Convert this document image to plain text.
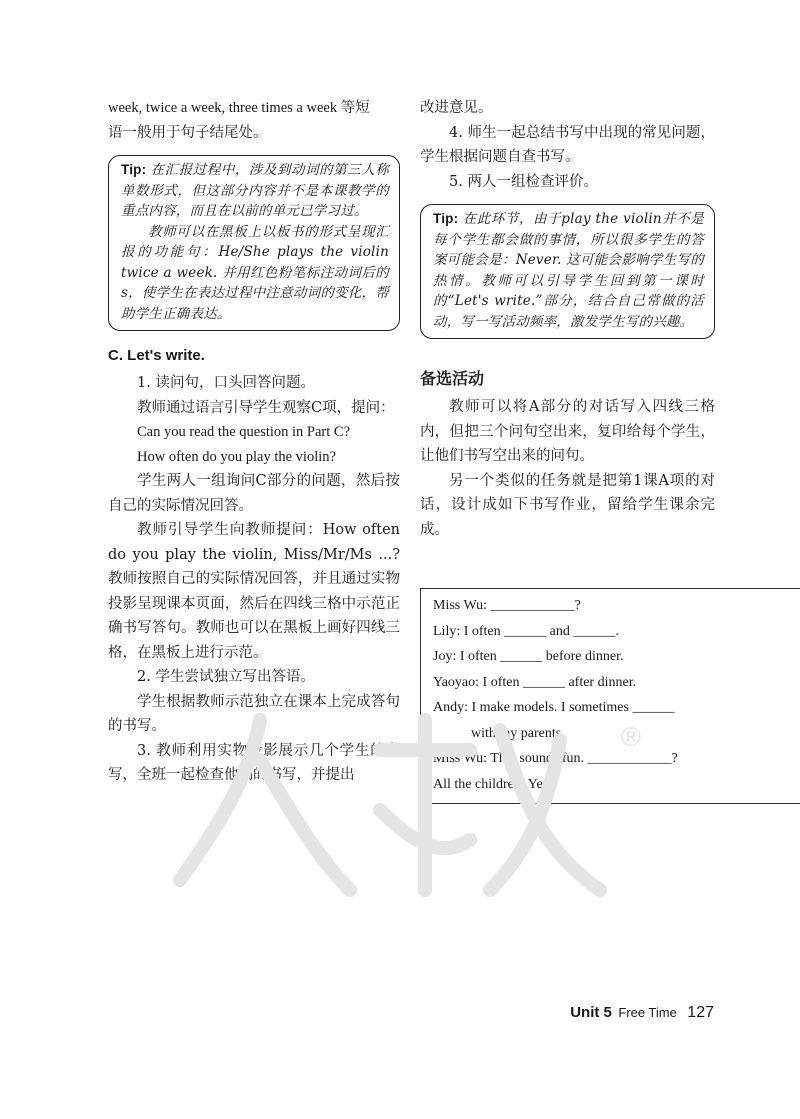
week, twice a week, three times a week 等短

语一般用于句子结尾处。

Tip: 在汇报过程中，涉及到动词的第三人称单数形式，但这部分内容并不是本课教学的重点内容，而且在以前的单元已学习过。

教师可以在黑板上以板书的形式呈现汇报的功能句：He/She plays the violin twice a week. 并用红色粉笔标注动词后的s，使学生在表达过程中注意动词的变化，帮助学生正确表达。

C. Let's write.

1. 读问句，口头回答问题。

教师通过语言引导学生观察C项，提问：

Can you read the question in Part C?

How often do you play the violin?

学生两人一组询问C部分的问题，然后按自己的实际情况回答。

教师引导学生向教师提问：How often do you play the violin, Miss/Mr/Ms ...? 教师按照自己的实际情况回答，并且通过实物投影呈现课本页面，然后在四线三格中示范正确书写答句。教师也可以在黑板上画好四线三格，在黑板上进行示范。

2. 学生尝试独立写出答语。

学生根据教师示范独立在课本上完成答句的书写。

3. 教师利用实物投影展示几个学生的书写，全班一起检查他们的书写，并提出

改进意见。

4. 师生一起总结书写中出现的常见问题，学生根据问题自查书写。

5. 两人一组检查评价。

Tip: 在此环节，由于play the violin并不是每个学生都会做的事情，所以很多学生的答案可能会是：Never. 这可能会影响学生写的热情。教师可以引导学生回到第一课时的“Let's write.”部分，结合自己常做的活动，写一写活动频率，激发学生写的兴趣。

备选活动

教师可以将A部分的对话写入四线三格内，但把三个问句空出来，复印给每个学生，让他们书写空出来的问句。

另一个类似的任务就是把第1课A项的对话，设计成如下书写作业，留给学生课余完成。

Miss Wu: ____________?
Lily: I often ______ and ______.
Joy: I often ______ before dinner.
Yaoyao: I often ______ after dinner.
Andy: I make models. I sometimes ______
with my parents.
Miss Wu: That sounds fun. ____________?
All the children: Yes!
®
Unit 5 Free Time 127
